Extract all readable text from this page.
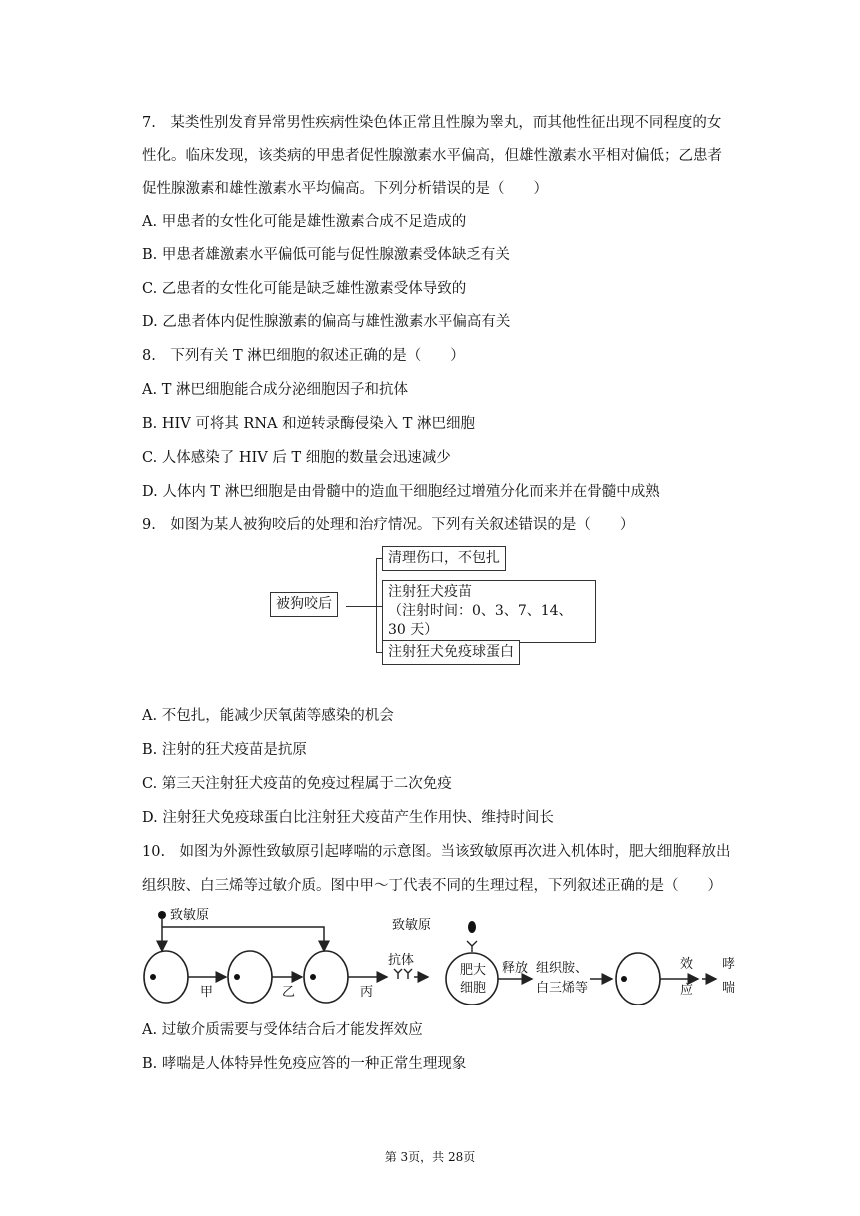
7.　某类性别发育异常男性疾病性染色体正常且性腺为睾丸，而其他性征出现不同程度的女
性化。临床发现，该类病的甲患者促性腺激素水平偏高，但雄性激素水平相对偏低；乙患者
促性腺激素和雄性激素水平均偏高。下列分析错误的是（　　）
A. 甲患者的女性化可能是雄性激素合成不足造成的
B. 甲患者雄激素水平偏低可能与促性腺激素受体缺乏有关
C. 乙患者的女性化可能是缺乏雄性激素受体导致的
D. 乙患者体内促性腺激素的偏高与雄性激素水平偏高有关
8.　下列有关 T 淋巴细胞的叙述正确的是（　　）
A. T 淋巴细胞能合成分泌细胞因子和抗体
B. HIV 可将其 RNA 和逆转录酶侵染入 T 淋巴细胞
C. 人体感染了 HIV 后 T 细胞的数量会迅速减少
D. 人体内 T 淋巴细胞是由骨髓中的造血干细胞经过增殖分化而来并在骨髓中成熟
9.　如图为某人被狗咬后的处理和治疗情况。下列有关叙述错误的是（　　）
被狗咬后
清理伤口，不包扎
注射狂犬疫苗
（注射时间：0、3、7、14、30 天）
注射狂犬免疫球蛋白
A. 不包扎，能减少厌氧菌等感染的机会
B. 注射的狂犬疫苗是抗原
C. 第三天注射狂犬疫苗的免疫过程属于二次免疫
D. 注射狂犬免疫球蛋白比注射狂犬疫苗产生作用快、维持时间长
10.　如图为外源性致敏原引起哮喘的示意图。当该致敏原再次进入机体时，肥大细胞释放出
组织胺、白三烯等过敏介质。图中甲～丁代表不同的生理过程，下列叙述正确的是（　　）
致敏原
甲	乙	丙
抗体
致敏原
肥大
细胞
释放 组织胺、
白三烯等
效
应
哮
喘
A. 过敏介质需要与受体结合后才能发挥效应
B. 哮喘是人体特异性免疫应答的一种正常生理现象
第 3页，共 28页
